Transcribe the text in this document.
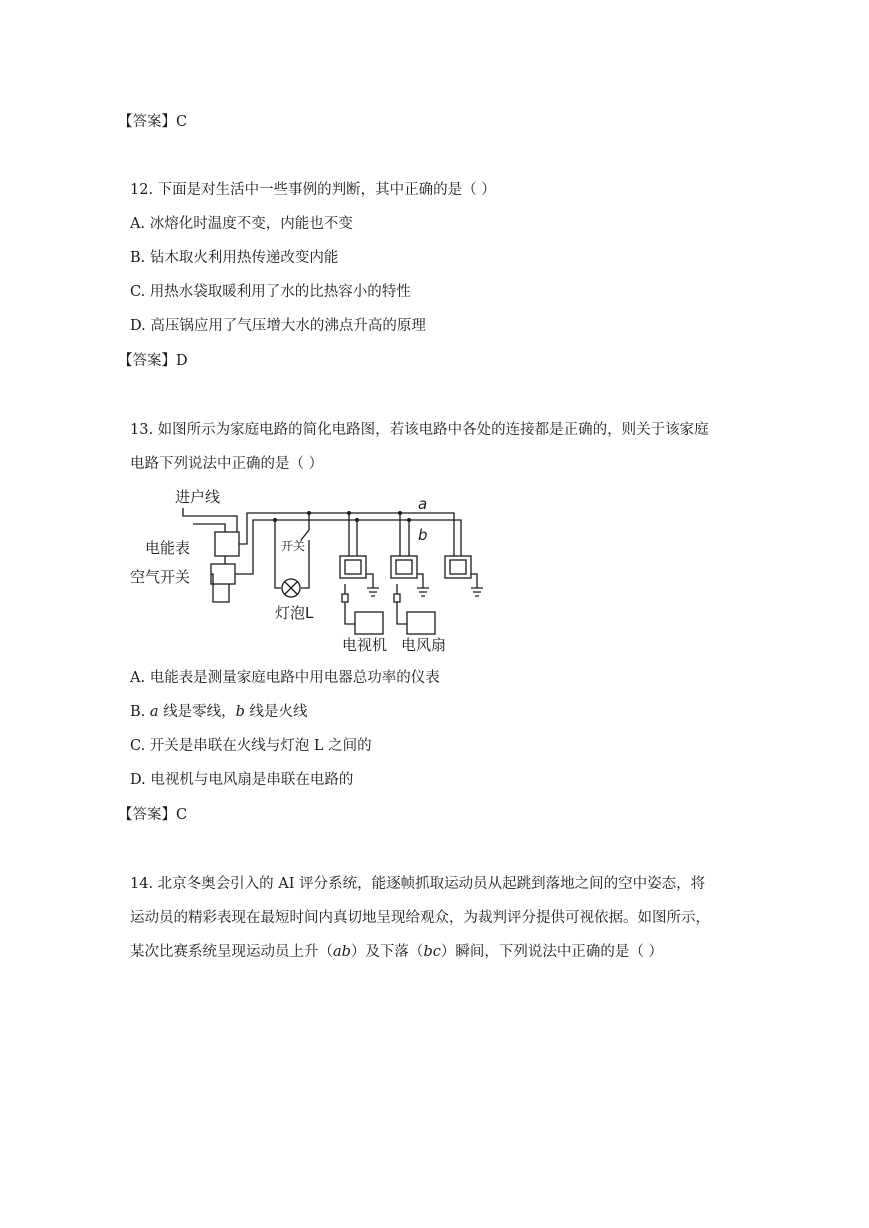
【答案】C
12. 下面是对生活中一些事例的判断，其中正确的是（ ）
A. 冰熔化时温度不变，内能也不变
B. 钻木取火利用热传递改变内能
C. 用热水袋取暖利用了水的比热容小的特性
D. 高压锅应用了气压增大水的沸点升高的原理
【答案】D
13. 如图所示为家庭电路的简化电路图，若该电路中各处的连接都是正确的，则关于该家庭
电路下列说法中正确的是（ ）
进户线
电能表
空气开关
开关
灯泡L
a
b
电视机 电风扇
A. 电能表是测量家庭电路中用电器总功率的仪表
B. a 线是零线，b 线是火线
C. 开关是串联在火线与灯泡 L 之间的
D. 电视机与电风扇是串联在电路的
【答案】C
14. 北京冬奥会引入的 AI 评分系统，能逐帧抓取运动员从起跳到落地之间的空中姿态，将
运动员的精彩表现在最短时间内真切地呈现给观众，为裁判评分提供可视依据。如图所示，
某次比赛系统呈现运动员上升（ab）及下落（bc）瞬间，下列说法中正确的是（ ）
